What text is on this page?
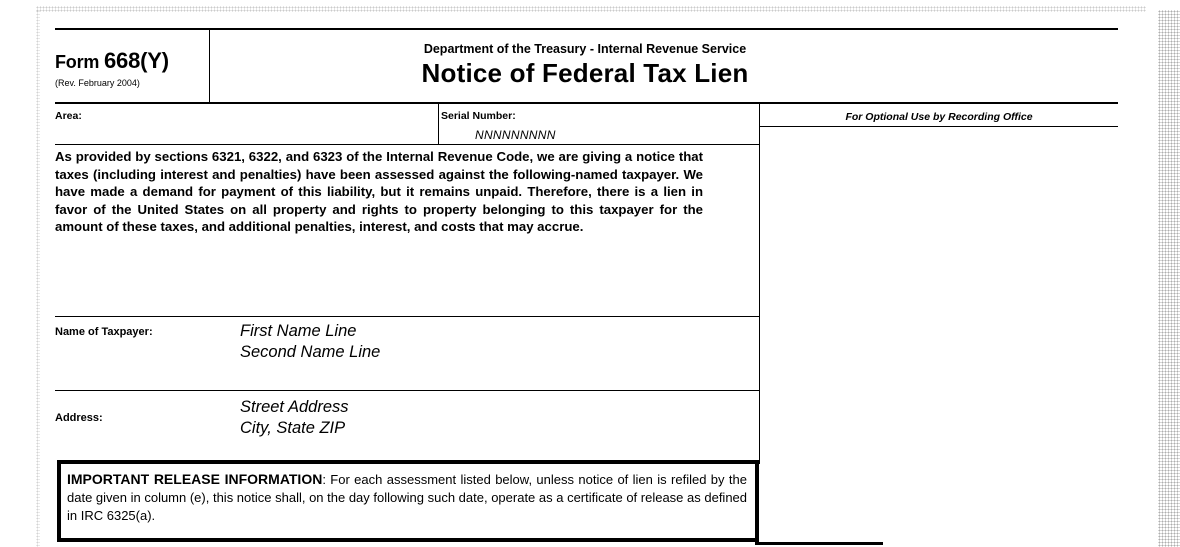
Form 668(Y)
(Rev. February 2004)
Department of the Treasury - Internal Revenue Service
Notice of Federal Tax Lien
Area:	Serial Number:
NNNNNNNNN
For Optional Use by Recording Office
As provided by sections 6321, 6322, and 6323 of the Internal Revenue Code, we are giving a notice that taxes (including interest and penalties) have been assessed against the following-named taxpayer. We have made a demand for payment of this liability, but it remains unpaid. Therefore, there is a lien in favor of the United States on all property and rights to property belonging to this taxpayer for the amount of these taxes, and additional penalties, interest, and costs that may accrue.
Name of Taxpayer:	First Name Line
Second Name Line
Address:
Street Address
City, State ZIP
IMPORTANT RELEASE INFORMATION: For each assessment listed below, unless notice of lien is refiled by the date given in column (e), this notice shall, on the day following such date, operate as a certificate of release as defined in IRC 6325(a).
